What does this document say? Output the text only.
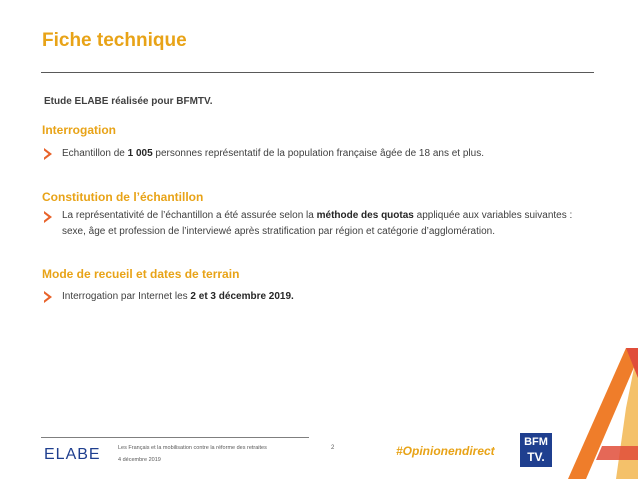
Fiche technique
Etude ELABE réalisée pour BFMTV.
Interrogation
Echantillon de 1 005 personnes représentatif de la population française âgée de 18 ans et plus.
Constitution de l’échantillon
La représentativité de l’échantillon a été assurée selon la méthode des quotas appliquée aux variables suivantes : sexe, âge et profession de l’interviewé après stratification par région et catégorie d’agglomération.
Mode de recueil et dates de terrain
Interrogation par Internet les 2 et 3 décembre 2019.
ELABE	Les Français et la mobilisation contre la réforme des retraites
4 décembre 2019
2	#Opinionendirect
BFM
TV.
